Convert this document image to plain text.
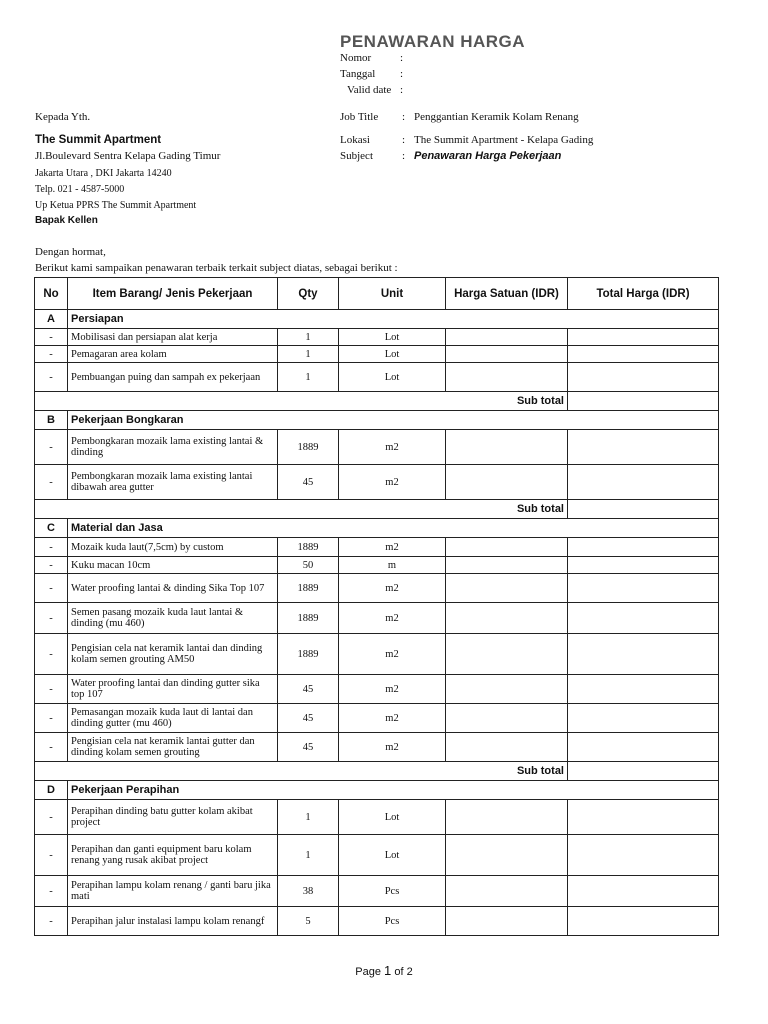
PENAWARAN HARGA
Nomor	:
Tanggal :
Valid date :
Kepada Yth.
The Summit Apartment
Jl.Boulevard Sentra Kelapa Gading Timur
Jakarta Utara , DKI Jakarta 14240
Telp. 021 - 4587-5000
Up Ketua PPRS The Summit Apartment
Bapak Kellen
Job Title : Penggantian Keramik Kolam Renang
Lokasi	: The Summit Apartment - Kelapa Gading
Subject	: Penawaran Harga Pekerjaan
Dengan hormat,
Berikut kami sampaikan penawaran terbaik terkait subject diatas, sebagai berikut :
No	Item Barang/ Jenis Pekerjaan	Qty	Unit	Harga Satuan (IDR)	Total Harga (IDR)
A	Persiapan				
-	Mobilisasi dan persiapan alat kerja	1	Lot		
-	Pemagaran area kolam	1	Lot		
-	Pembuangan puing dan sampah ex pekerjaan	1	Lot		
Sub total					
B	Pekerjaan Bongkaran				
-	Pembongkaran mozaik lama existing lantai & dinding	1889	m2		
-	Pembongkaran mozaik lama existing lantai dibawah area gutter	45	m2		
Sub total					
C	Material dan Jasa				
-	Mozaik kuda laut(7,5cm) by custom	1889	m2		
-	Kuku macan 10cm	50	m		
-	Water proofing lantai & dinding Sika Top 107	1889	m2		
-	Semen pasang mozaik kuda laut lantai & dinding (mu 460)	1889	m2		
-	Pengisian cela nat keramik lantai dan dinding kolam semen grouting AM50	1889	m2		
-	Water proofing lantai dan dinding gutter sika top 107	45	m2		
-	Pemasangan mozaik kuda laut di lantai dan dinding gutter (mu 460)	45	m2		
-	Pengisian cela nat keramik lantai gutter dan dinding kolam semen grouting	45	m2		
Sub total					
D	Pekerjaan Perapihan				
-	Perapihan dinding batu gutter kolam akibat project	1	Lot		
-	Perapihan dan ganti equipment baru kolam renang yang rusak akibat project	1	Lot		
-	Perapihan lampu kolam renang / ganti baru jika mati	38	Pcs		
-	Perapihan jalur instalasi lampu kolam renangf	5	Pcs		
Page 1 of 2
